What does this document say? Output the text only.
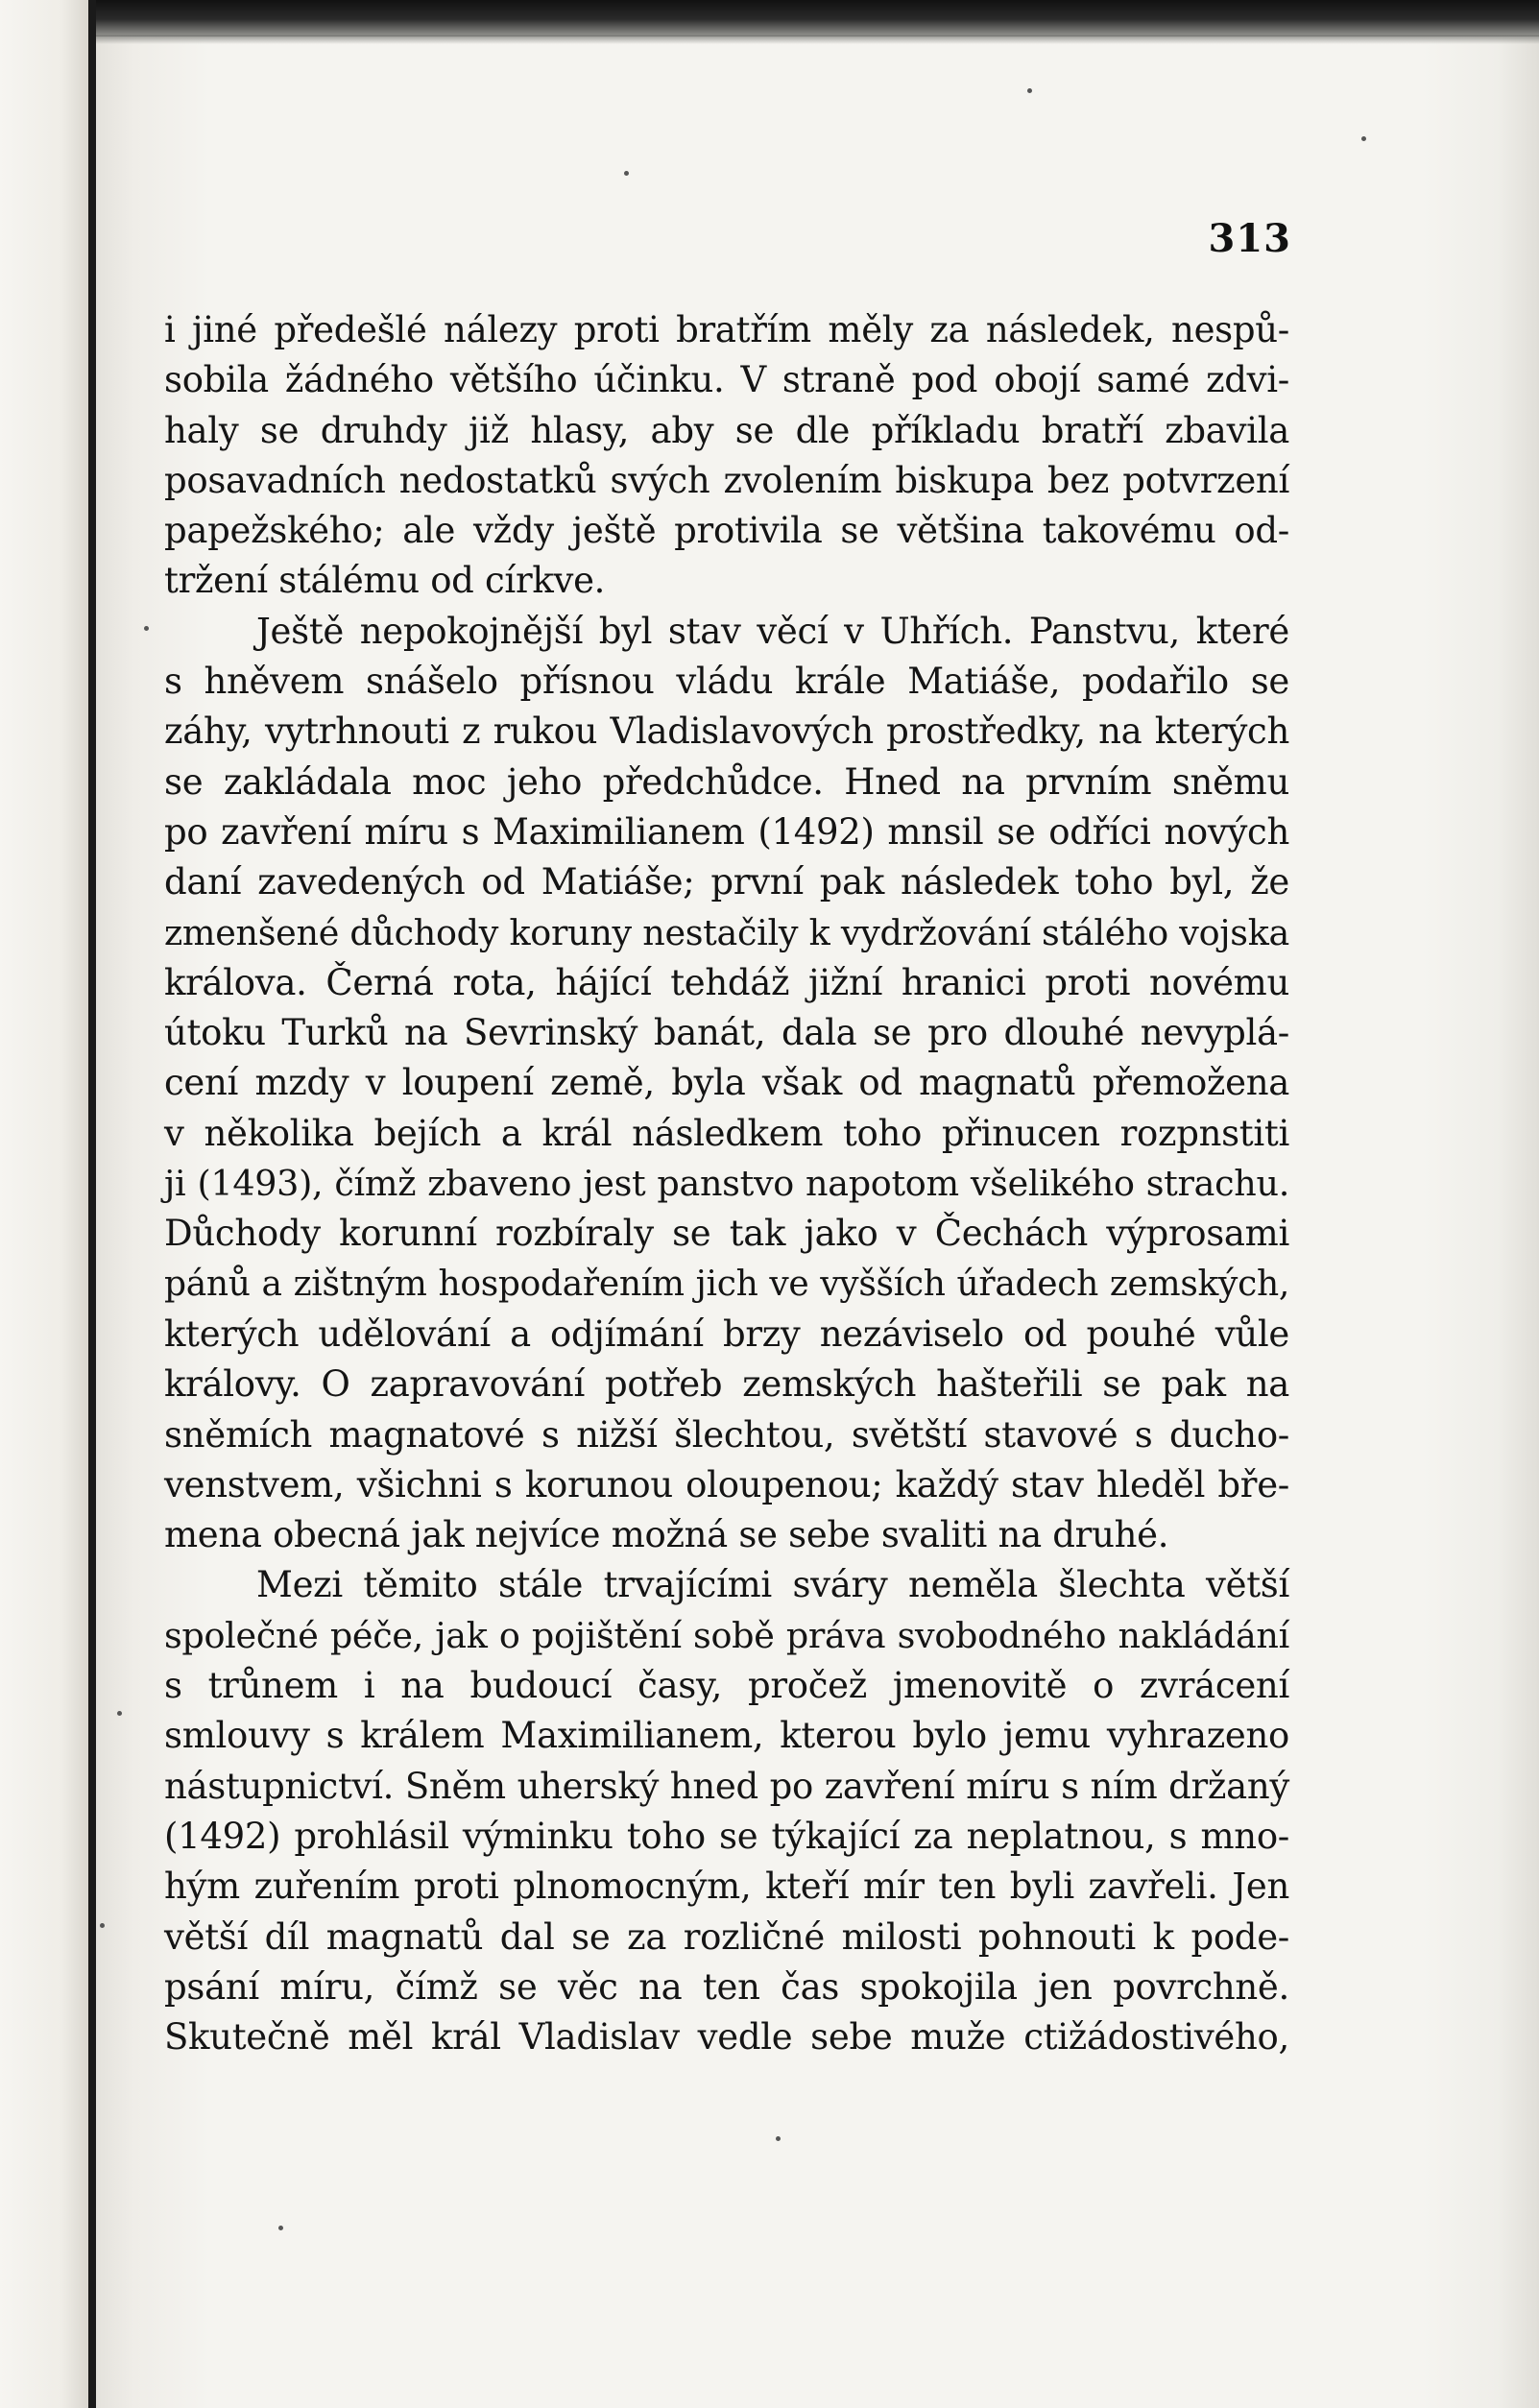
313
i jiné předešlé nálezy proti bratřím měly za následek, nespů-
sobila žádného většího účinku. V straně pod obojí samé zdvi-
haly se druhdy již hlasy, aby se dle příkladu bratří zbavila
posavadních nedostatků svých zvolením biskupa bez potvrzení
papežského; ale vždy ještě protivila se většina takovému od-
tržení stálému od církve.
Ještě nepokojnější byl stav věcí v Uhřích. Panstvu, které
s hněvem snášelo přísnou vládu krále Matiáše, podařilo se
záhy, vytrhnouti z rukou Vladislavových prostředky, na kterých
se zakládala moc jeho předchůdce. Hned na prvním sněmu
po zavření míru s Maximilianem (1492) mnsil se odříci nových
daní zavedených od Matiáše; první pak následek toho byl, že
zmenšené důchody koruny nestačily k vydržování stálého vojska
králova. Černá rota, hájící tehdáž jižní hranici proti novému
útoku Turků na Sevrinský banát, dala se pro dlouhé nevyplá-
cení mzdy v loupení země, byla však od magnatů přemožena
v několika bejích a král následkem toho přinucen rozpnstiti
ji (1493), čímž zbaveno jest panstvo napotom všelikého strachu.
Důchody korunní rozbíraly se tak jako v Čechách výprosami
pánů a zištným hospodařením jich ve vyšších úřadech zemských,
kterých udělování a odjímání brzy nezáviselo od pouhé vůle
královy. O zapravování potřeb zemských hašteřili se pak na
sněmích magnatové s nižší šlechtou, světští stavové s ducho-
venstvem, všichni s korunou oloupenou; každý stav hleděl bře-
mena obecná jak nejvíce možná se sebe svaliti na druhé.
Mezi těmito stále trvajícími sváry neměla šlechta větší
společné péče, jak o pojištění sobě práva svobodného nakládání
s trůnem i na budoucí časy, pročež jmenovitě o zvrácení
smlouvy s králem Maximilianem, kterou bylo jemu vyhrazeno
nástupnictví. Sněm uherský hned po zavření míru s ním držaný
(1492) prohlásil výminku toho se týkající za neplatnou, s mno-
hým zuřením proti plnomocným, kteří mír ten byli zavřeli. Jen
větší díl magnatů dal se za rozličné milosti pohnouti k pode-
psání míru, čímž se věc na ten čas spokojila jen povrchně.
Skutečně měl král Vladislav vedle sebe muže ctižádostivého,
